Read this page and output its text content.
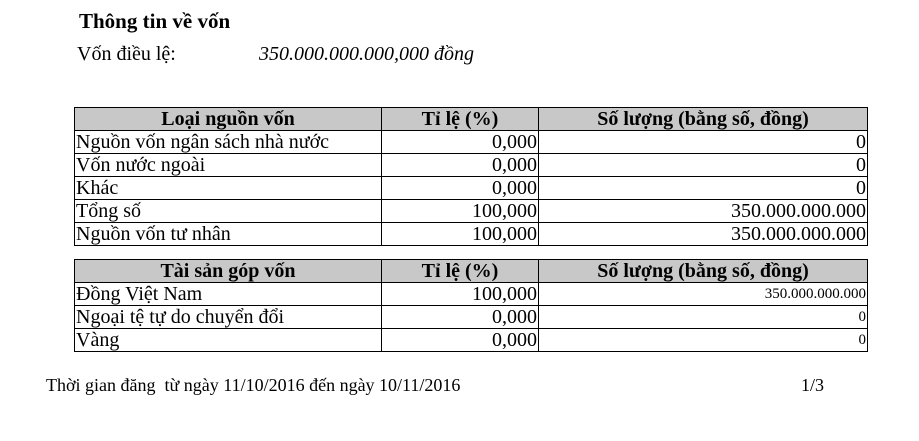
Thông tin về vốn
Vốn điều lệ:	350.000.000.000,000 đồng
Loại nguồn vốn	Tỉ lệ (%)	Số lượng (bằng số, đồng)
Nguồn vốn ngân sách nhà nước	0,000	0
Vốn nước ngoài	0,000	0
Khác	0,000	0
Tổng số	100,000	350.000.000.000
Nguồn vốn tư nhân	100,000	350.000.000.000
Tài sản góp vốn	Tỉ lệ (%)	Số lượng (bằng số, đồng)
Đồng Việt Nam	100,000	350.000.000.000
Ngoại tệ tự do chuyển đổi	0,000	0
Vàng	0,000	0
Thời gian đăng  từ ngày 11/10/2016 đến ngày 10/11/2016	1/3
